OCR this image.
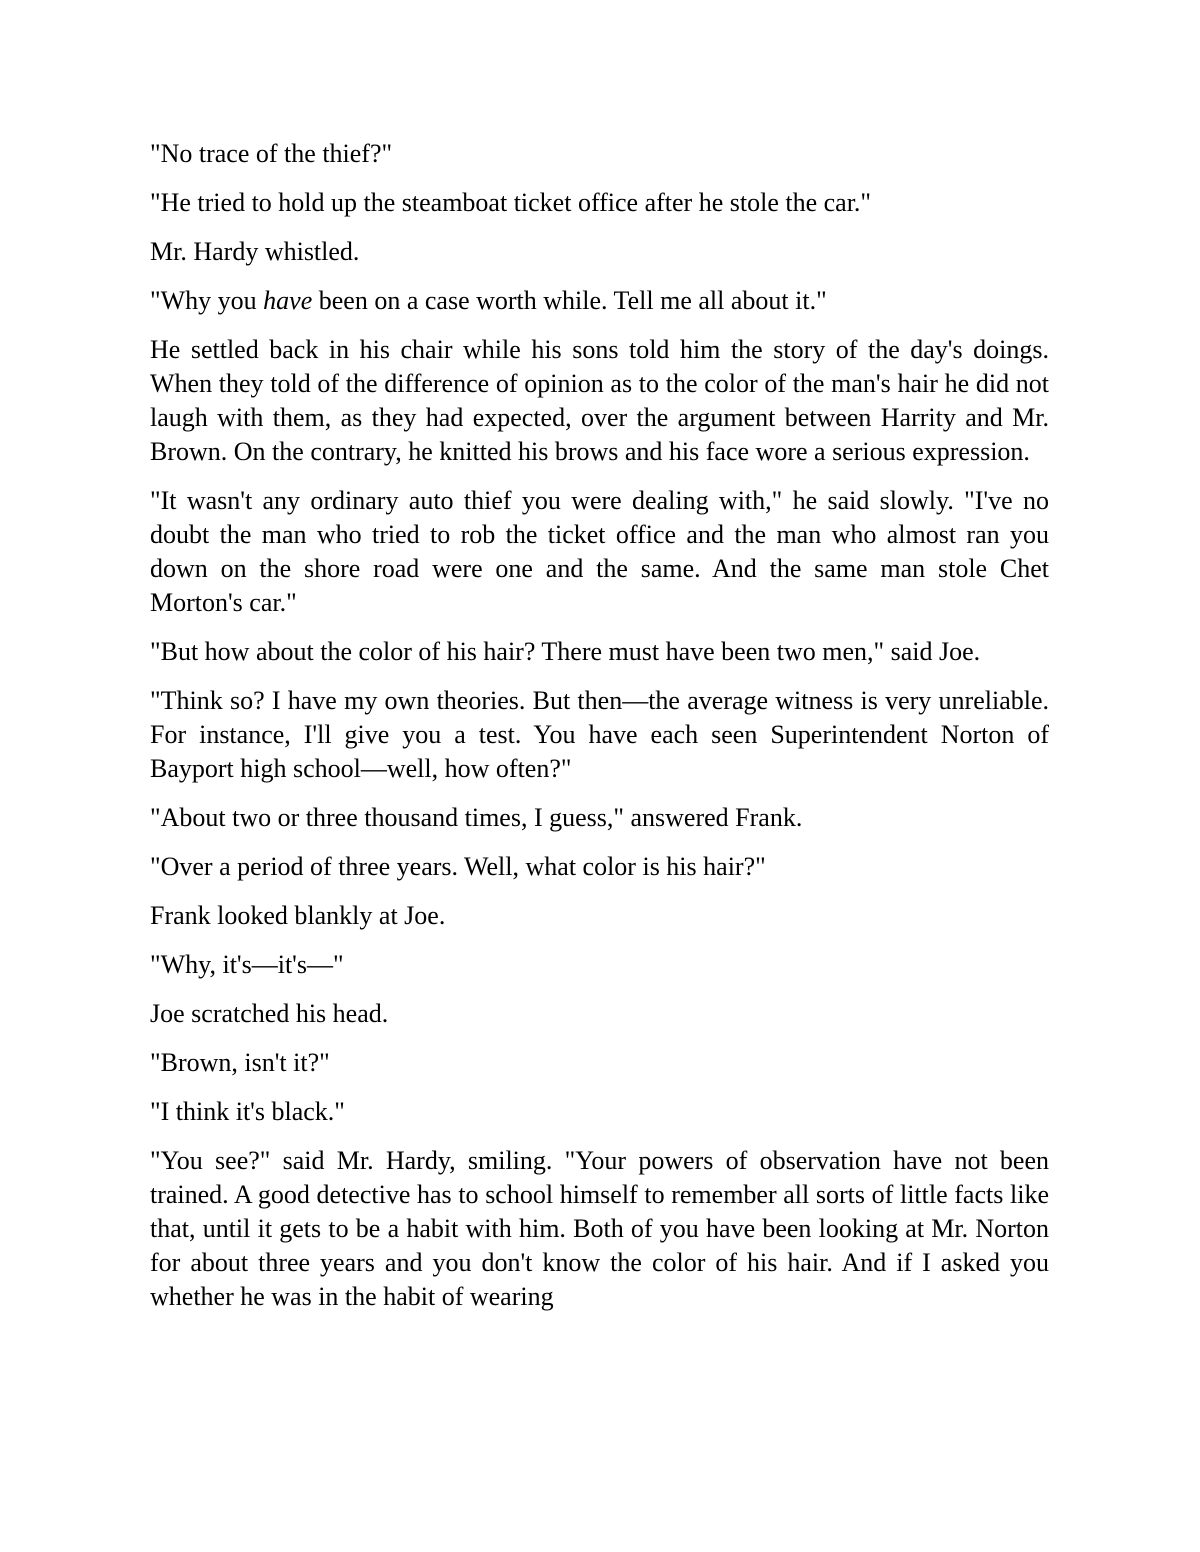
"No trace of the thief?"

"He tried to hold up the steamboat ticket office after he stole the car."

Mr. Hardy whistled.

"Why you have been on a case worth while. Tell me all about it."

He settled back in his chair while his sons told him the story of the day's doings. When they told of the difference of opinion as to the color of the man's hair he did not laugh with them, as they had expected, over the argument between Harrity and Mr. Brown. On the contrary, he knitted his brows and his face wore a serious expression.

"It wasn't any ordinary auto thief you were dealing with," he said slowly. "I've no doubt the man who tried to rob the ticket office and the man who almost ran you down on the shore road were one and the same. And the same man stole Chet Morton's car."

"But how about the color of his hair? There must have been two men," said Joe.

"Think so? I have my own theories. But then—the average witness is very unreliable. For instance, I'll give you a test. You have each seen Superintendent Norton of Bayport high school—well, how often?"

"About two or three thousand times, I guess," answered Frank.

"Over a period of three years. Well, what color is his hair?"

Frank looked blankly at Joe.

"Why, it's—it's—"

Joe scratched his head.

"Brown, isn't it?"

"I think it's black."

"You see?" said Mr. Hardy, smiling. "Your powers of observation have not been trained. A good detective has to school himself to remember all sorts of little facts like that, until it gets to be a habit with him. Both of you have been looking at Mr. Norton for about three years and you don't know the color of his hair. And if I asked you whether he was in the habit of wearing
